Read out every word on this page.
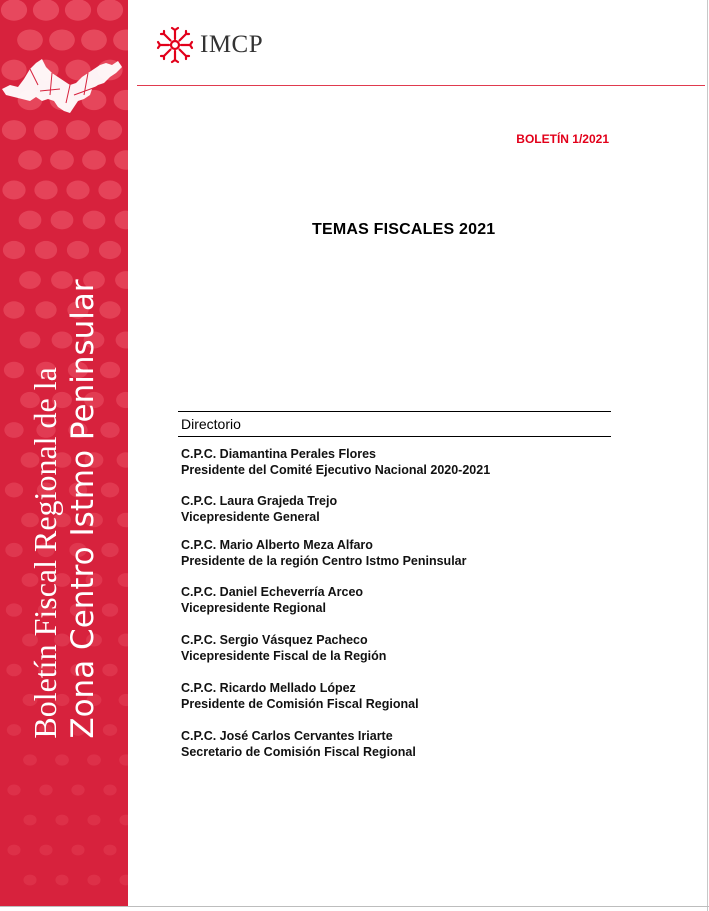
Boletín Fiscal Regional de la Zona Centro Istmo Peninsular
IMCP
BOLETÍN 1/2021
TEMAS FISCALES 2021
Directorio
C.P.C. Diamantina Perales Flores
Presidente del Comité Ejecutivo Nacional 2020-2021
C.P.C. Laura Grajeda Trejo
Vicepresidente General
C.P.C. Mario Alberto Meza Alfaro
Presidente de la región Centro Istmo Peninsular
C.P.C. Daniel Echeverría Arceo
Vicepresidente Regional
C.P.C. Sergio Vásquez Pacheco
Vicepresidente Fiscal de la Región
C.P.C. Ricardo Mellado López
Presidente de Comisión Fiscal Regional
C.P.C. José Carlos Cervantes Iriarte
Secretario de Comisión Fiscal Regional
